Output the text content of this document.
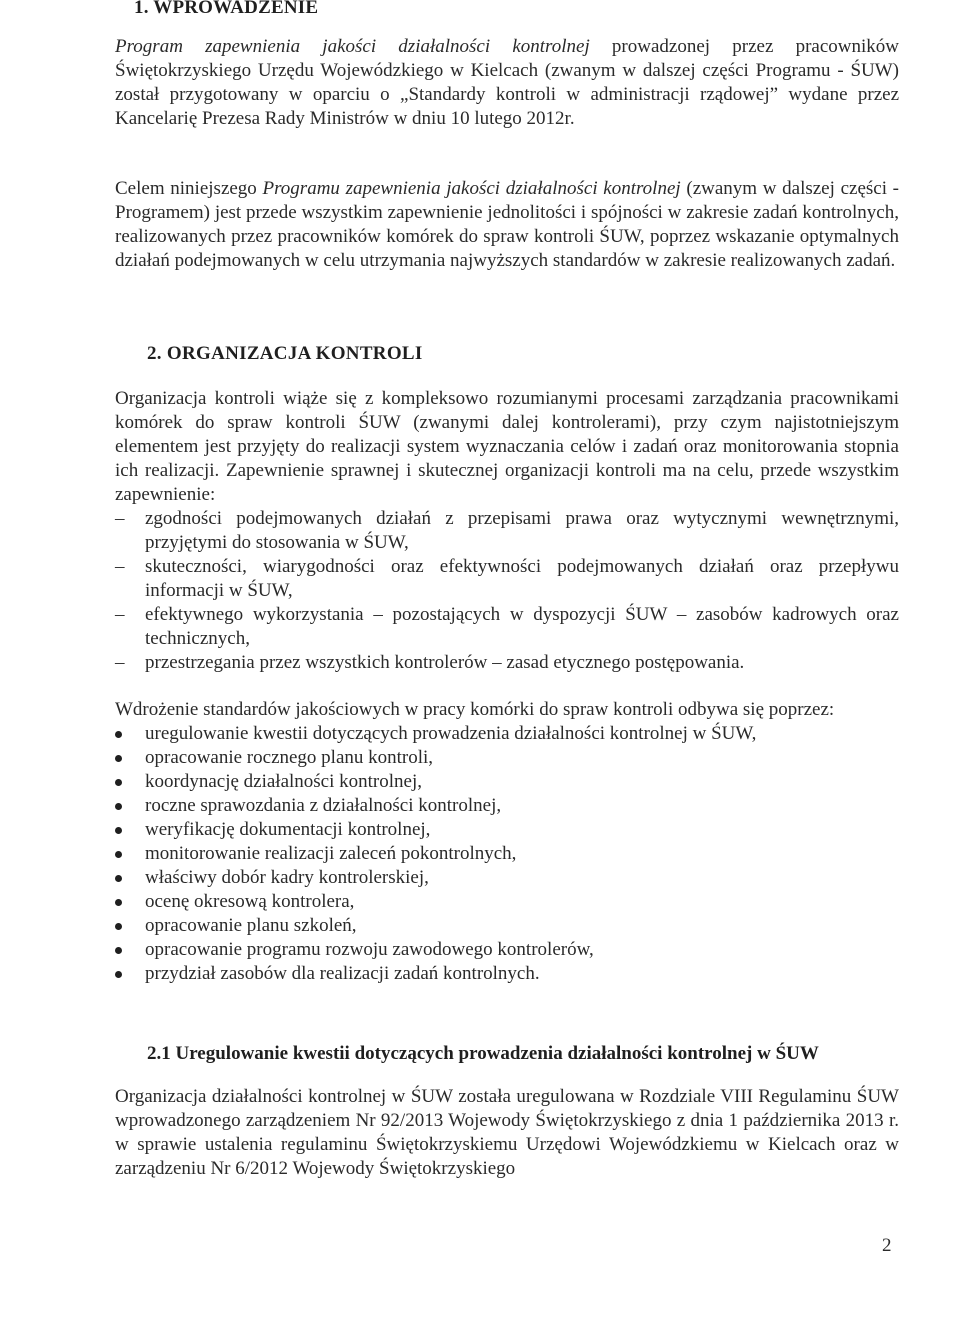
1. WPROWADZENIE

Program zapewnienia jakości działalności kontrolnej prowadzonej przez pracowników Świętokrzyskiego Urzędu Wojewódzkiego w Kielcach (zwanym w dalszej części Programu - ŚUW) został przygotowany w oparciu o „Standardy kontroli w administracji rządowej” wydane przez Kancelarię Prezesa Rady Ministrów w dniu 10 lutego 2012r.

Celem niniejszego Programu zapewnienia jakości działalności kontrolnej (zwanym w dalszej części - Programem) jest przede wszystkim zapewnienie jednolitości i spójności w zakresie zadań kontrolnych, realizowanych przez pracowników komórek do spraw kontroli ŚUW, poprzez wskazanie optymalnych działań podejmowanych w celu utrzymania najwyższych standardów w zakresie realizowanych zadań.

2. ORGANIZACJA KONTROLI

Organizacja kontroli wiąże się z kompleksowo rozumianymi procesami zarządzania pracownikami komórek do spraw kontroli ŚUW (zwanymi dalej kontrolerami), przy czym najistotniejszym elementem jest przyjęty do realizacji system wyznaczania celów i zadań oraz monitorowania stopnia ich realizacji. Zapewnienie sprawnej i skutecznej organizacji kontroli ma na celu, przede wszystkim zapewnienie:

– zgodności podejmowanych działań z przepisami prawa oraz wytycznymi wewnętrznymi, przyjętymi do stosowania w ŚUW,
– skuteczności, wiarygodności oraz efektywności podejmowanych działań oraz przepływu informacji w ŚUW,
– efektywnego wykorzystania – pozostających w dyspozycji ŚUW – zasobów kadrowych oraz technicznych,
– przestrzegania przez wszystkich kontrolerów – zasad etycznego postępowania.

Wdrożenie standardów jakościowych w pracy komórki do spraw kontroli odbywa się poprzez:

uregulowanie kwestii dotyczących prowadzenia działalności kontrolnej w ŚUW,
opracowanie rocznego planu kontroli,
koordynację działalności kontrolnej,
roczne sprawozdania z działalności kontrolnej,
weryfikację dokumentacji kontrolnej,
monitorowanie realizacji zaleceń pokontrolnych,
właściwy dobór kadry kontrolerskiej,
ocenę okresową kontrolera,
opracowanie planu szkoleń,
opracowanie programu rozwoju zawodowego kontrolerów,
przydział zasobów dla realizacji zadań kontrolnych.
2.1 Uregulowanie kwestii dotyczących prowadzenia działalności kontrolnej w ŚUW

Organizacja działalności kontrolnej w ŚUW została uregulowana w Rozdziale VIII Regulaminu ŚUW wprowadzonego zarządzeniem Nr 92/2013 Wojewody Świętokrzyskiego z dnia 1 października 2013 r. w sprawie ustalenia regulaminu Świętokrzyskiemu Urzędowi Wojewódzkiemu w Kielcach oraz w zarządzeniu Nr 6/2012 Wojewody Świętokrzyskiego

2
